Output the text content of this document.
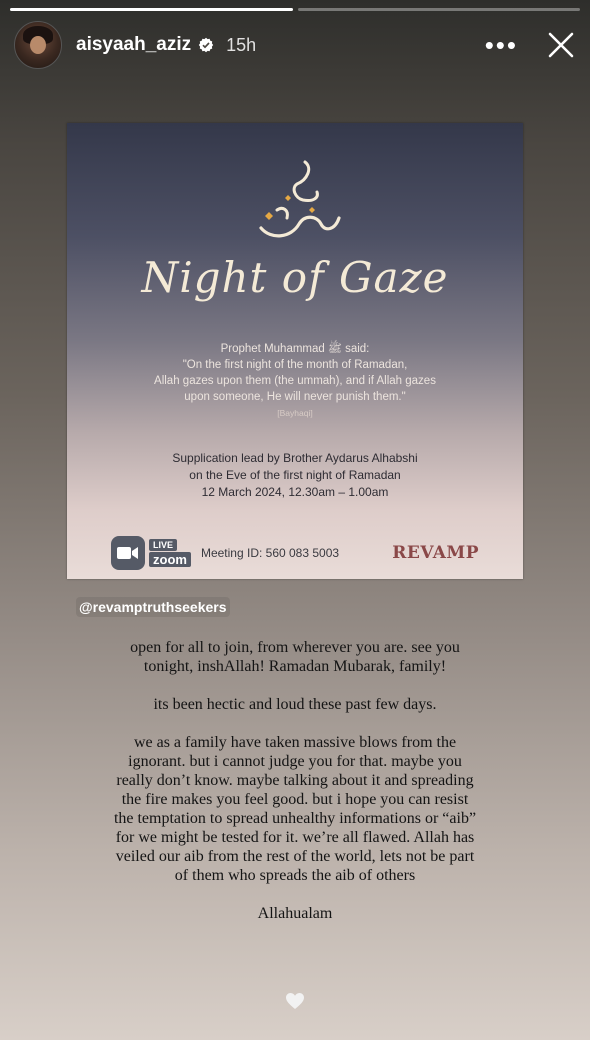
aisyaah_aziz 15h	•••
Night of Gaze
Prophet Muhammad ﷺ said:
"On the first night of the month of Ramadan,
Allah gazes upon them (the ummah), and if Allah gazes
upon someone, He will never punish them."
[Bayhaqi]
Supplication lead by Brother Aydarus Alhabshi
on the Eve of the first night of Ramadan
12 March 2024, 12.30am – 1.00am
LIVE
zoom	Meeting ID: 560 083 5003	REVAMP
@revamptruthseekers

open for all to join, from wherever you are. see you tonight, inshAllah! Ramadan Mubarak, family!

its been hectic and loud these past few days.

we as a family have taken massive blows from the ignorant. but i cannot judge you for that. maybe you really don’t know. maybe talking about it and spreading the fire makes you feel good. but i hope you can resist the temptation to spread unhealthy informations or “aib” for we might be tested for it. we’re all flawed. Allah has veiled our aib from the rest of the world, lets not be part of them who spreads the aib of others

Allahualam
